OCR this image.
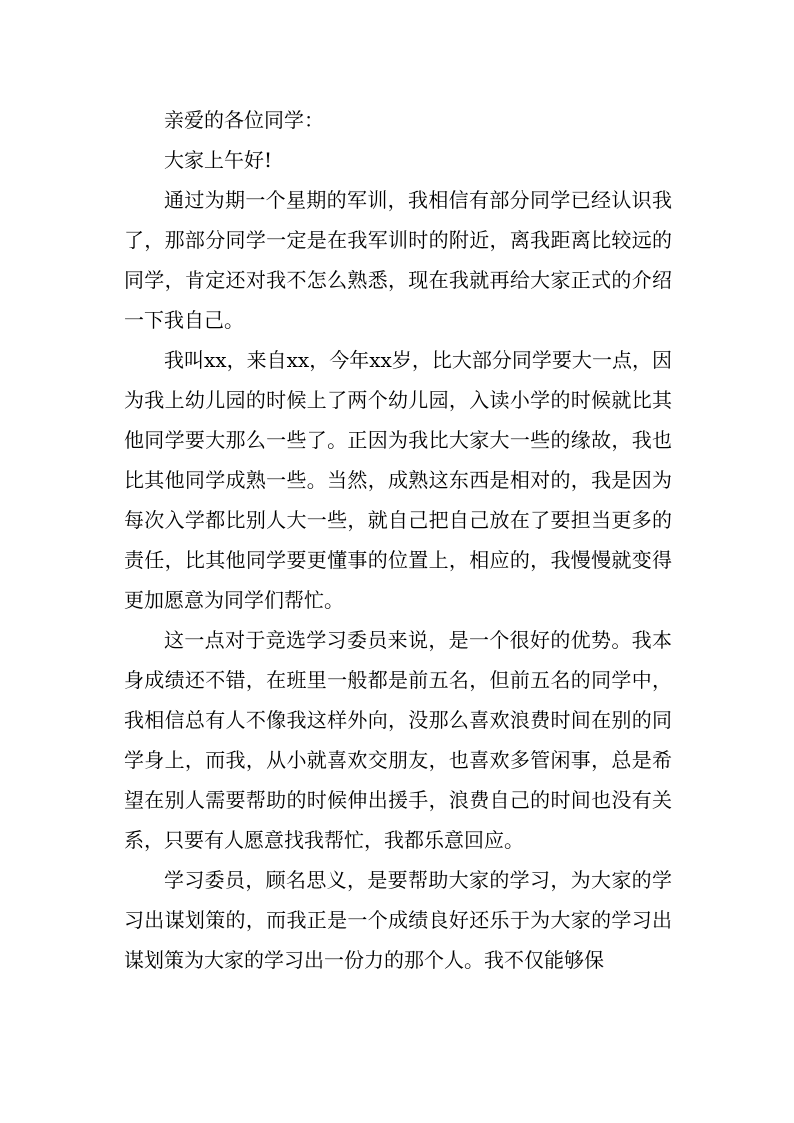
亲爱的各位同学：

大家上午好!

通过为期一个星期的军训，我相信有部分同学已经认识我了，那部分同学一定是在我军训时的附近，离我距离比较远的同学，肯定还对我不怎么熟悉，现在我就再给大家正式的介绍一下我自己。

我叫xx，来自xx，今年xx岁，比大部分同学要大一点，因为我上幼儿园的时候上了两个幼儿园，入读小学的时候就比其他同学要大那么一些了。正因为我比大家大一些的缘故，我也比其他同学成熟一些。当然，成熟这东西是相对的，我是因为每次入学都比别人大一些，就自己把自己放在了要担当更多的责任，比其他同学要更懂事的位置上，相应的，我慢慢就变得更加愿意为同学们帮忙。

这一点对于竞选学习委员来说，是一个很好的优势。我本身成绩还不错，在班里一般都是前五名，但前五名的同学中，我相信总有人不像我这样外向，没那么喜欢浪费时间在别的同学身上，而我，从小就喜欢交朋友，也喜欢多管闲事，总是希望在别人需要帮助的时候伸出援手，浪费自己的时间也没有关系，只要有人愿意找我帮忙，我都乐意回应。

学习委员，顾名思义，是要帮助大家的学习，为大家的学习出谋划策的，而我正是一个成绩良好还乐于为大家的学习出谋划策为大家的学习出一份力的那个人。我不仅能够保
